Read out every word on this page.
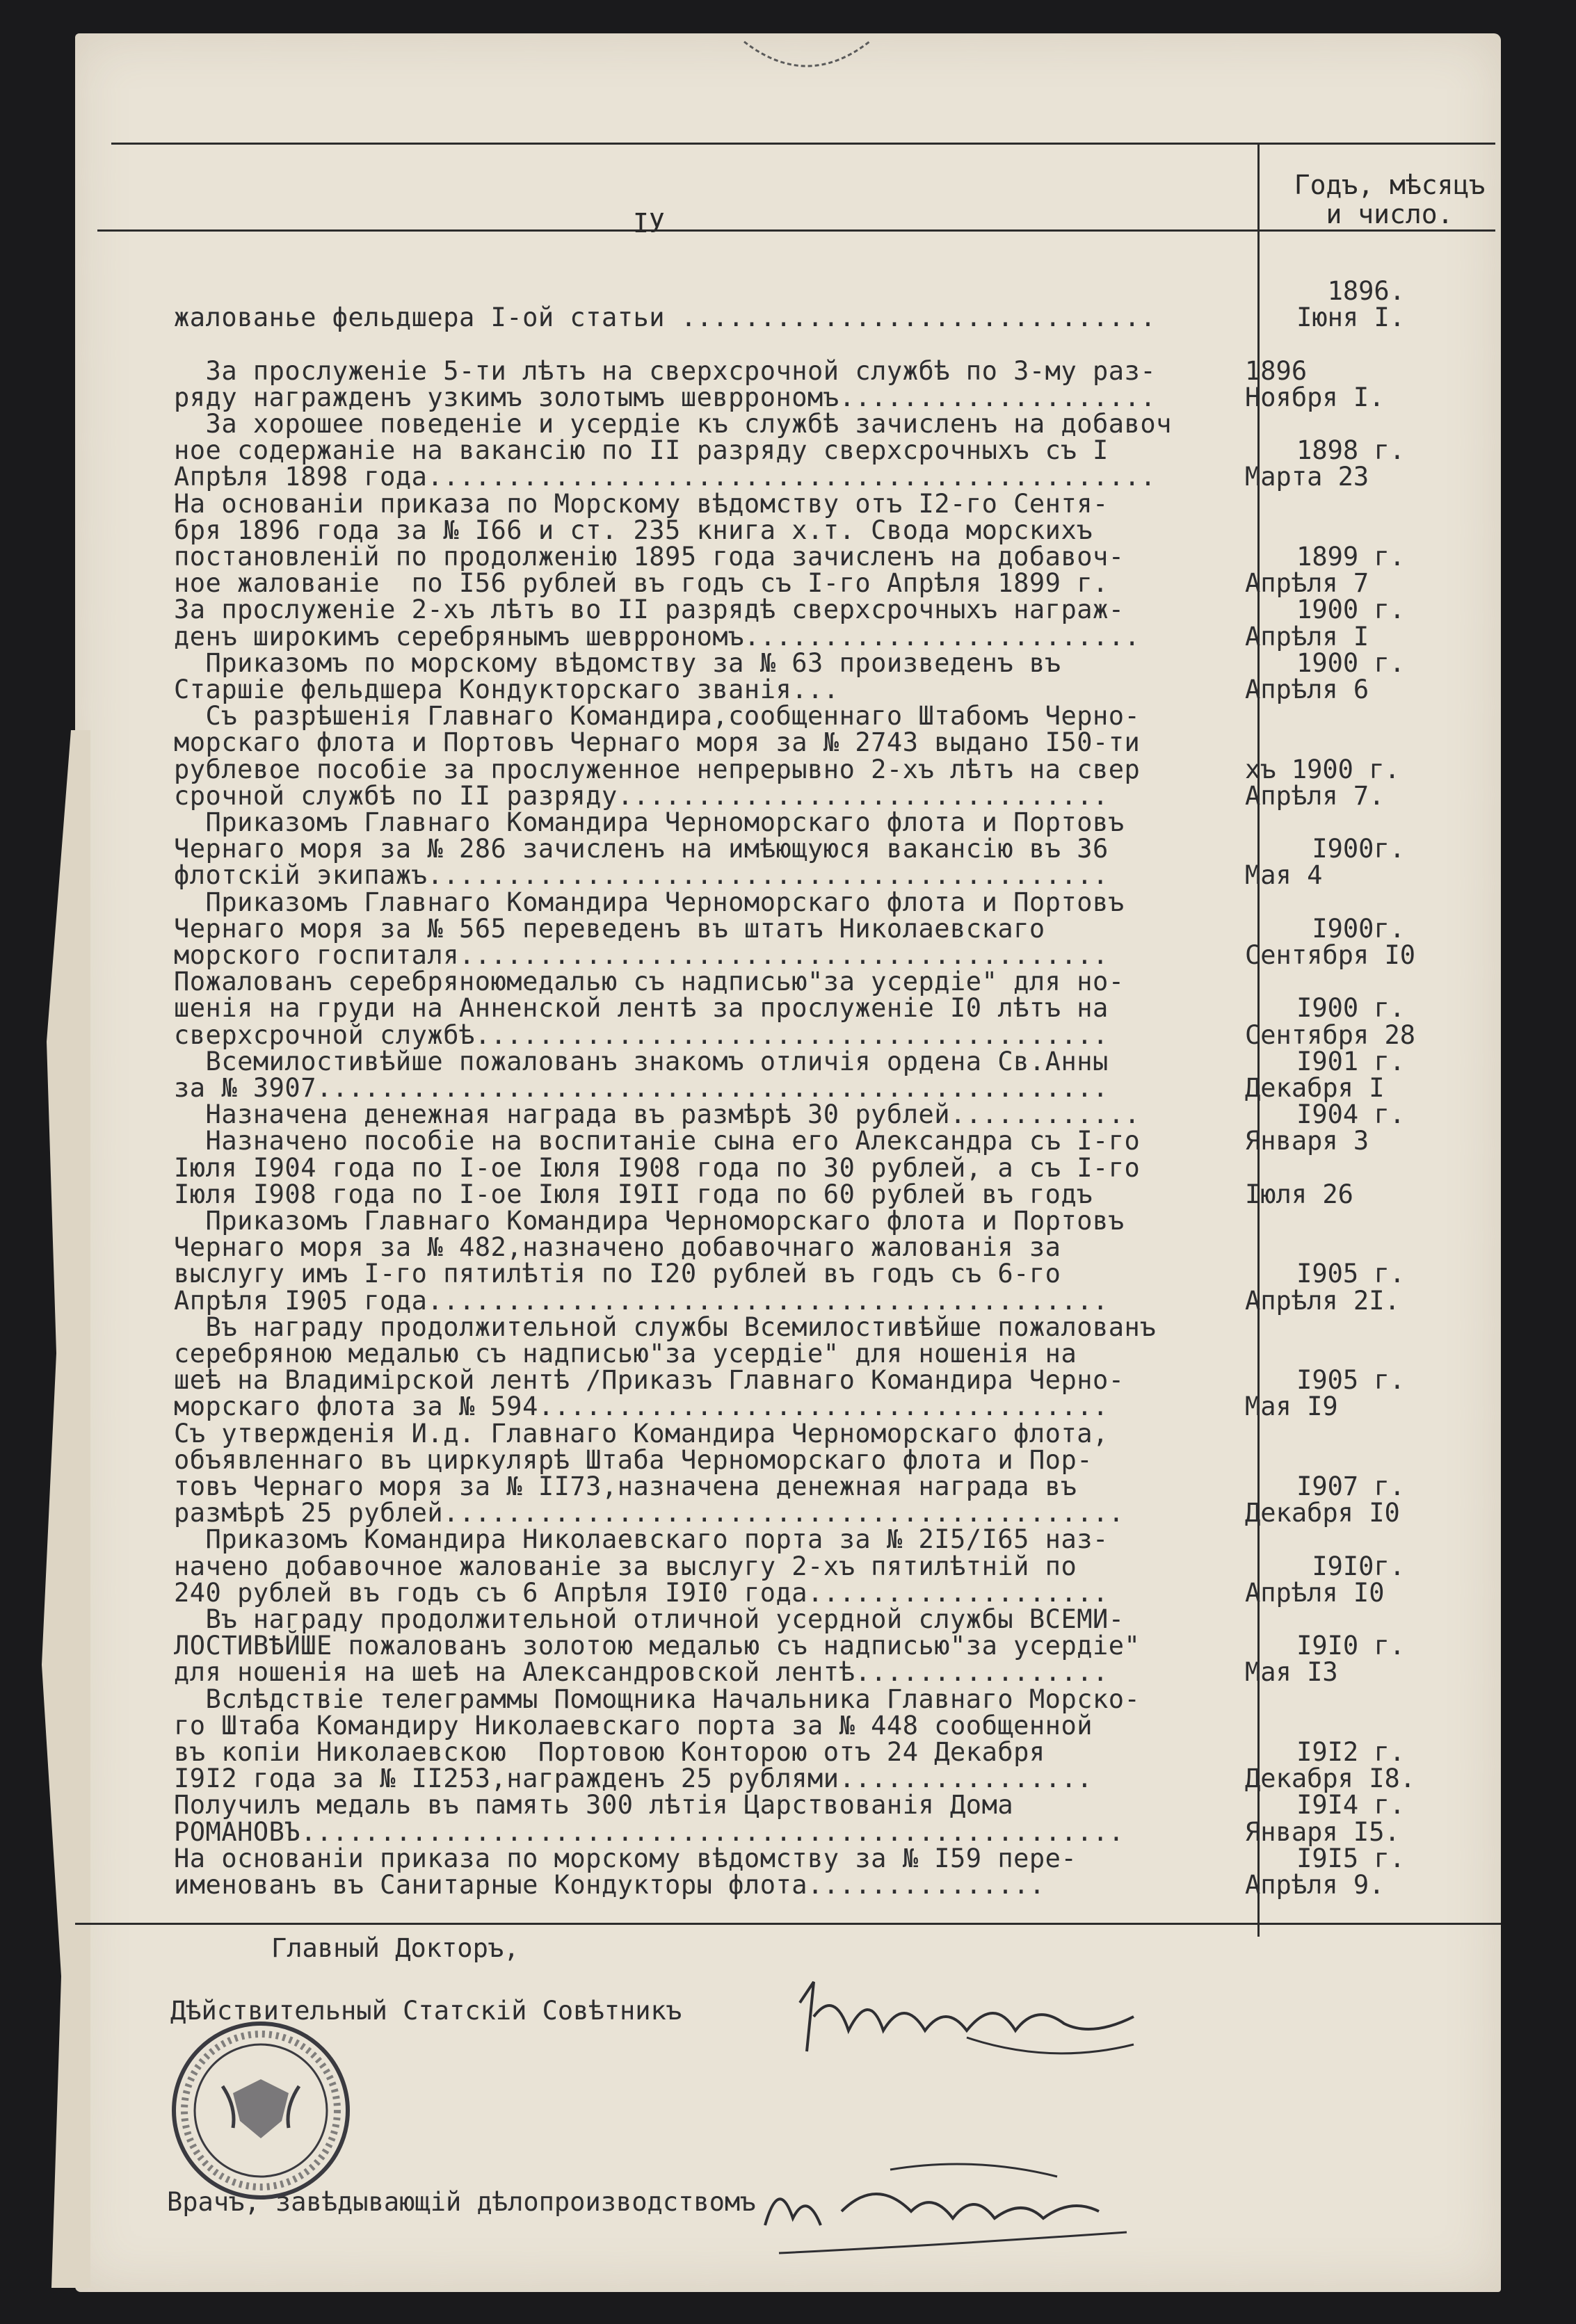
IУ
Годъ, мѣсяцъ
и число.
жалованье фельдшера I-ой статьи ..............................
1896.
Iюня I.
За прослуженіе 5-ти лѣтъ на сверхсрочной службѣ по 3-му раз-
ряду награжденъ узкимъ золотымъ шевррономъ....................
1896
Ноября I.
За хорошее поведеніе и усердіе къ службѣ зачисленъ на добавоч
ное содержаніе на вакансію по II разряду сверхсрочныхъ съ I
Апрѣля 1898 года..............................................
1898 г.
Марта 23
На основаніи приказа по Морскому вѣдомству отъ I2-го Сентя-
бря 1896 года за № I66 и ст. 235 книга х.т. Свода морскихъ
постановленій по продолженію 1895 года зачисленъ на добавоч-
ное жалованіе  по I56 рублей въ годъ съ I-го Апрѣля 1899 г.
1899 г.
Апрѣля 7
За прослуженіе 2-хъ лѣтъ во II разрядѣ сверхсрочныхъ награж-
денъ широкимъ серебрянымъ шевррономъ.........................
1900 г.
Апрѣля I
Приказомъ по морскому вѣдомству за № 63 произведенъ въ
Старшіе фельдшера Кондукторскаго званія...
1900 г.
Апрѣля 6
Съ разрѣшенія Главнаго Командира,сообщеннаго Штабомъ Черно-
морскаго флота и Портовъ Чернаго моря за № 2743 выдано I50-ти
рублевое пособіе за прослуженное непрерывно 2-хъ лѣтъ на свер
срочной службѣ по II разряду...............................
хъ 1900 г.
Апрѣля 7.
Приказомъ Главнаго Командира Черноморскаго флота и Портовъ
Чернаго моря за № 286 зачисленъ на имѣющуюся вакансію въ 36
флотскій экипажъ...........................................
I900г.
Мая 4
Приказомъ Главнаго Командира Черноморскаго флота и Портовъ
Чернаго моря за № 565 переведенъ въ штатъ Николаевскаго
морского госпиталя.........................................
I900г.
Сентября I0
Пожалованъ серебряноюмедалью съ надписью"за усердіе" для но-
шенія на груди на Анненской лентѣ за прослуженіе I0 лѣтъ на
сверхсрочной службѣ........................................
I900 г.
Сентября 28
Всемилостивѣйше пожалованъ знакомъ отличія ордена Св.Анны
за № 3907..................................................
I901 г.
Декабря I
Назначена денежная награда въ размѣрѣ 30 рублей............	I904 г.
Назначено пособіе на воспитаніе сына его Александра съ I-го
Iюля I904 года по I-ое Iюля I908 года по 30 рублей, а съ I-го
Iюля I908 года по I-ое Iюля I9II года по 60 рублей въ годъ
Января 3
Iюля 26
Приказомъ Главнаго Командира Черноморскаго флота и Портовъ
Чернаго моря за № 482,назначено добавочнаго жалованія за
выслугу имъ I-го пятилѣтія по I20 рублей въ годъ съ 6-го
Апрѣля I905 года...........................................
I905 г.
Апрѣля 2I.
Въ награду продолжительной службы Всемилостивѣйше пожалованъ
серебряною медалью съ надписью"за усердіе" для ношенія на
шеѣ на Владимірской лентѣ /Приказъ Главнаго Командира Черно-
морскаго флота за № 594....................................
I905 г.
Мая I9
Съ утвержденія И.д. Главнаго Командира Черноморскаго флота,
объявленнаго въ циркулярѣ Штаба Черноморскаго флота и Пор-
товъ Чернаго моря за № II73,назначена денежная награда въ
размѣрѣ 25 рублей...........................................
I907 г.
Декабря I0
Приказомъ Командира Николаевскаго порта за № 2I5/I65 наз-
начено добавочное жалованіе за выслугу 2-хъ пятилѣтній по
240 рублей въ годъ съ 6 Апрѣля I9I0 года...................
I9I0г.
Апрѣля I0
Въ награду продолжительной отличной усердной службы ВСЕМИ-
ЛОСТИВѢЙШЕ пожалованъ золотою медалью съ надписью"за усердіе"
для ношенія на шеѣ на Александровской лентѣ................
I9I0 г.
Мая I3
Вслѣдствіе телеграммы Помощника Начальника Главнаго Морско-
го Штаба Командиру Николаевскаго порта за № 448 сообщенной
въ копіи Николаевскою  Портовою Конторою отъ 24 Декабря
I9I2 года за № II253,награжденъ 25 рублями................
I9I2 г.
Декабря I8.
Получилъ медаль въ память 300 лѣтія Царствованія Дома
РОМАНОВЪ....................................................
I9I4 г.
Января I5.
На основаніи приказа по морскому вѣдомству за № I59 пере-
именованъ въ Санитарные Кондукторы флота...............
I9I5 г.
Апрѣля 9.
Главный Докторъ,
Дѣйствительный Статскій Совѣтникъ
Врачъ, завѣдывающій дѣлопроизводствомъ
